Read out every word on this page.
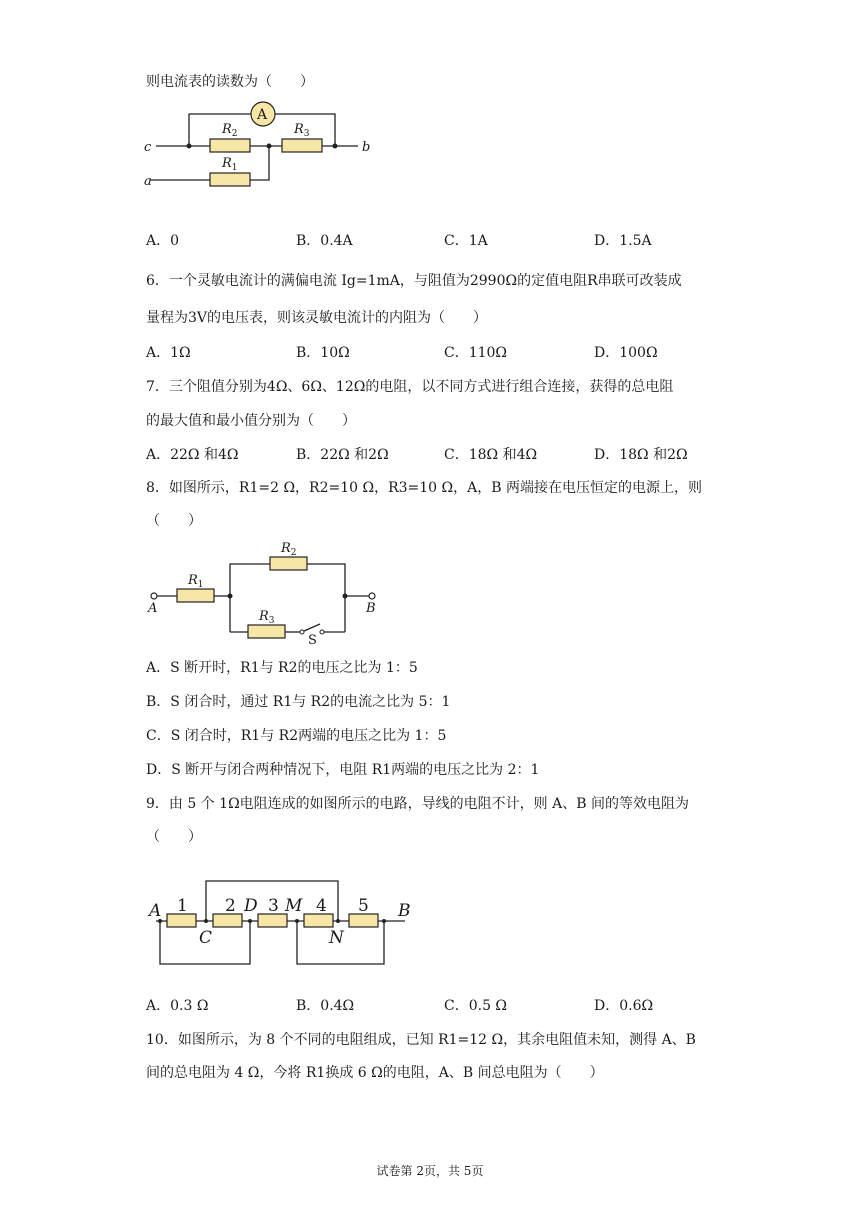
则电流表的读数为（　　）
A
c
a
b
$R_2$	$R_3$
$R_1$
A．0	B．0.4A	C．1A	D．1.5A
6．一个灵敏电流计的满偏电流 Ig=1mA，与阻值为2990Ω的定值电阻R串联可改装成
量程为3V的电压表，则该灵敏电流计的内阻为（　　）
A．1Ω	B．10Ω	C．110Ω	D．100Ω
7．三个阻值分别为4Ω、6Ω、12Ω的电阻，以不同方式进行组合连接，获得的总电阻
的最大值和最小值分别为（　　）
A．22Ω 和4Ω	B．22Ω 和2Ω	C．18Ω 和4Ω	D．18Ω 和2Ω
8．如图所示，R1=2 Ω，R2=10 Ω，R3=10 Ω，A，B 两端接在电压恒定的电源上，则
（　　）
A	B
$R_1$
$R_2$
$R_3$
S
A．S 断开时，R1与 R2的电压之比为 1：5
B．S 闭合时，通过 R1与 R2的电流之比为 5：1
C．S 闭合时，R1与 R2两端的电压之比为 1：5
D．S 断开与闭合两种情况下，电阻 R1两端的电压之比为 2：1
9．由 5 个 1Ω电阻连成的如图所示的电路，导线的电阻不计，则 A、B 间的等效电阻为
（　　）
A	B
C
D M
N
1 2 3 4 5
A．0.3 Ω	B．0.4Ω	C．0.5 Ω	D．0.6Ω
10．如图所示，为 8 个不同的电阻组成，已知 R1=12 Ω，其余电阻值未知，测得 A、B
间的总电阻为 4 Ω，今将 R1换成 6 Ω的电阻，A、B 间总电阻为（　　）
试卷第 2页，共 5页
